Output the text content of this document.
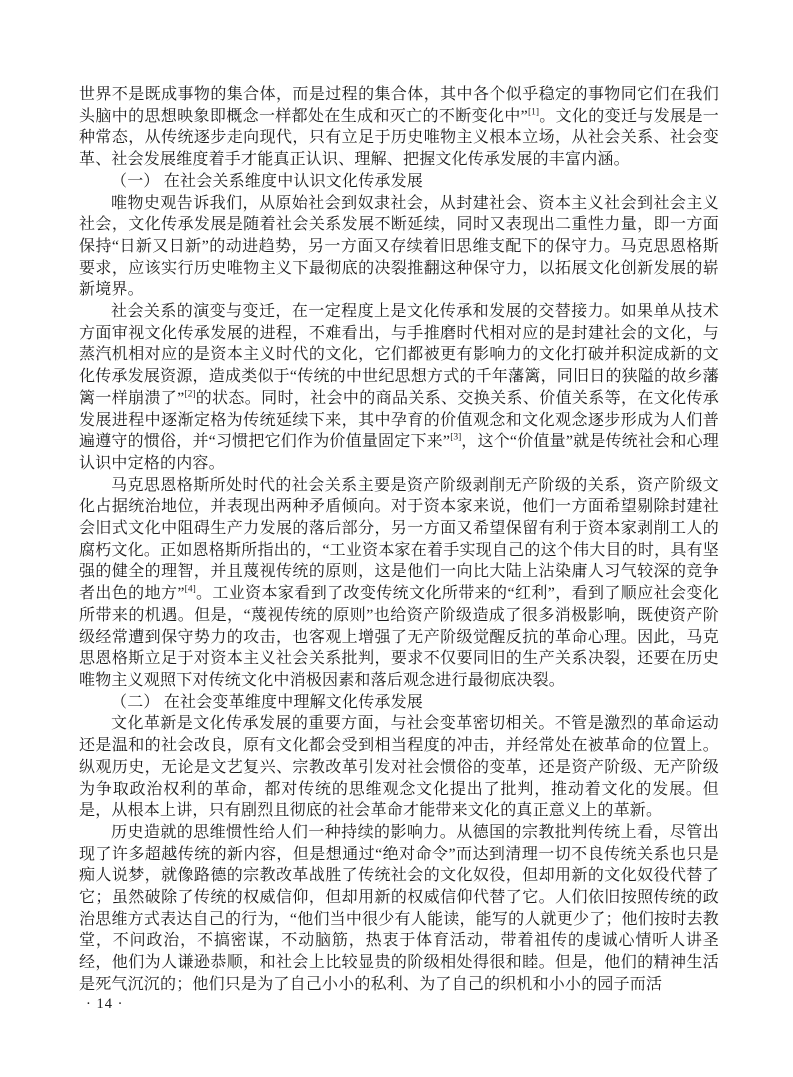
世界不是既成事物的集合体，而是过程的集合体，其中各个似乎稳定的事物同它们在我们头脑中的思想映象即概念一样都处在生成和灭亡的不断变化中”[1]。文化的变迁与发展是一种常态，从传统逐步走向现代，只有立足于历史唯物主义根本立场，从社会关系、社会变革、社会发展维度着手才能真正认识、理解、把握文化传承发展的丰富内涵。

（一） 在社会关系维度中认识文化传承发展

唯物史观告诉我们，从原始社会到奴隶社会，从封建社会、资本主义社会到社会主义社会，文化传承发展是随着社会关系发展不断延续，同时又表现出二重性力量，即一方面保持“日新又日新”的动进趋势，另一方面又存续着旧思维支配下的保守力。马克思恩格斯要求，应该实行历史唯物主义下最彻底的决裂推翻这种保守力，以拓展文化创新发展的崭新境界。

社会关系的演变与变迁，在一定程度上是文化传承和发展的交替接力。如果单从技术方面审视文化传承发展的进程，不难看出，与手推磨时代相对应的是封建社会的文化，与蒸汽机相对应的是资本主义时代的文化，它们都被更有影响力的文化打破并积淀成新的文化传承发展资源，造成类似于“传统的中世纪思想方式的千年藩篱，同旧日的狭隘的故乡藩篱一样崩溃了”[2]的状态。同时，社会中的商品关系、交换关系、价值关系等，在文化传承发展进程中逐渐定格为传统延续下来，其中孕育的价值观念和文化观念逐步形成为人们普遍遵守的惯俗，并“习惯把它们作为价值量固定下来”[3]，这个“价值量”就是传统社会和心理认识中定格的内容。

马克思恩格斯所处时代的社会关系主要是资产阶级剥削无产阶级的关系，资产阶级文化占据统治地位，并表现出两种矛盾倾向。对于资本家来说，他们一方面希望剔除封建社会旧式文化中阻碍生产力发展的落后部分，另一方面又希望保留有利于资本家剥削工人的腐朽文化。正如恩格斯所指出的，“工业资本家在着手实现自己的这个伟大目的时，具有坚强的健全的理智，并且蔑视传统的原则，这是他们一向比大陆上沾染庸人习气较深的竞争者出色的地方”[4]。工业资本家看到了改变传统文化所带来的“红利”，看到了顺应社会变化所带来的机遇。但是，“蔑视传统的原则”也给资产阶级造成了很多消极影响，既使资产阶级经常遭到保守势力的攻击，也客观上增强了无产阶级觉醒反抗的革命心理。因此，马克思恩格斯立足于对资本主义社会关系批判，要求不仅要同旧的生产关系决裂，还要在历史唯物主义观照下对传统文化中消极因素和落后观念进行最彻底决裂。

（二） 在社会变革维度中理解文化传承发展

文化革新是文化传承发展的重要方面，与社会变革密切相关。不管是激烈的革命运动还是温和的社会改良，原有文化都会受到相当程度的冲击，并经常处在被革命的位置上。纵观历史，无论是文艺复兴、宗教改革引发对社会惯俗的变革，还是资产阶级、无产阶级为争取政治权利的革命，都对传统的思维观念文化提出了批判，推动着文化的发展。但是，从根本上讲，只有剧烈且彻底的社会革命才能带来文化的真正意义上的革新。

历史造就的思维惯性给人们一种持续的影响力。从德国的宗教批判传统上看，尽管出现了许多超越传统的新内容，但是想通过“绝对命令”而达到清理一切不良传统关系也只是痴人说梦，就像路德的宗教改革战胜了传统社会的文化奴役，但却用新的文化奴役代替了它；虽然破除了传统的权威信仰，但却用新的权威信仰代替了它。人们依旧按照传统的政治思维方式表达自己的行为，“他们当中很少有人能读，能写的人就更少了；他们按时去教堂，不问政治，不搞密谋，不动脑筋，热衷于体育活动，带着祖传的虔诚心情听人讲圣经，他们为人谦逊恭顺，和社会上比较显贵的阶级相处得很和睦。但是，他们的精神生活是死气沉沉的；他们只是为了自己小小的私利、为了自己的织机和小小的园子而活

· 14 ·
